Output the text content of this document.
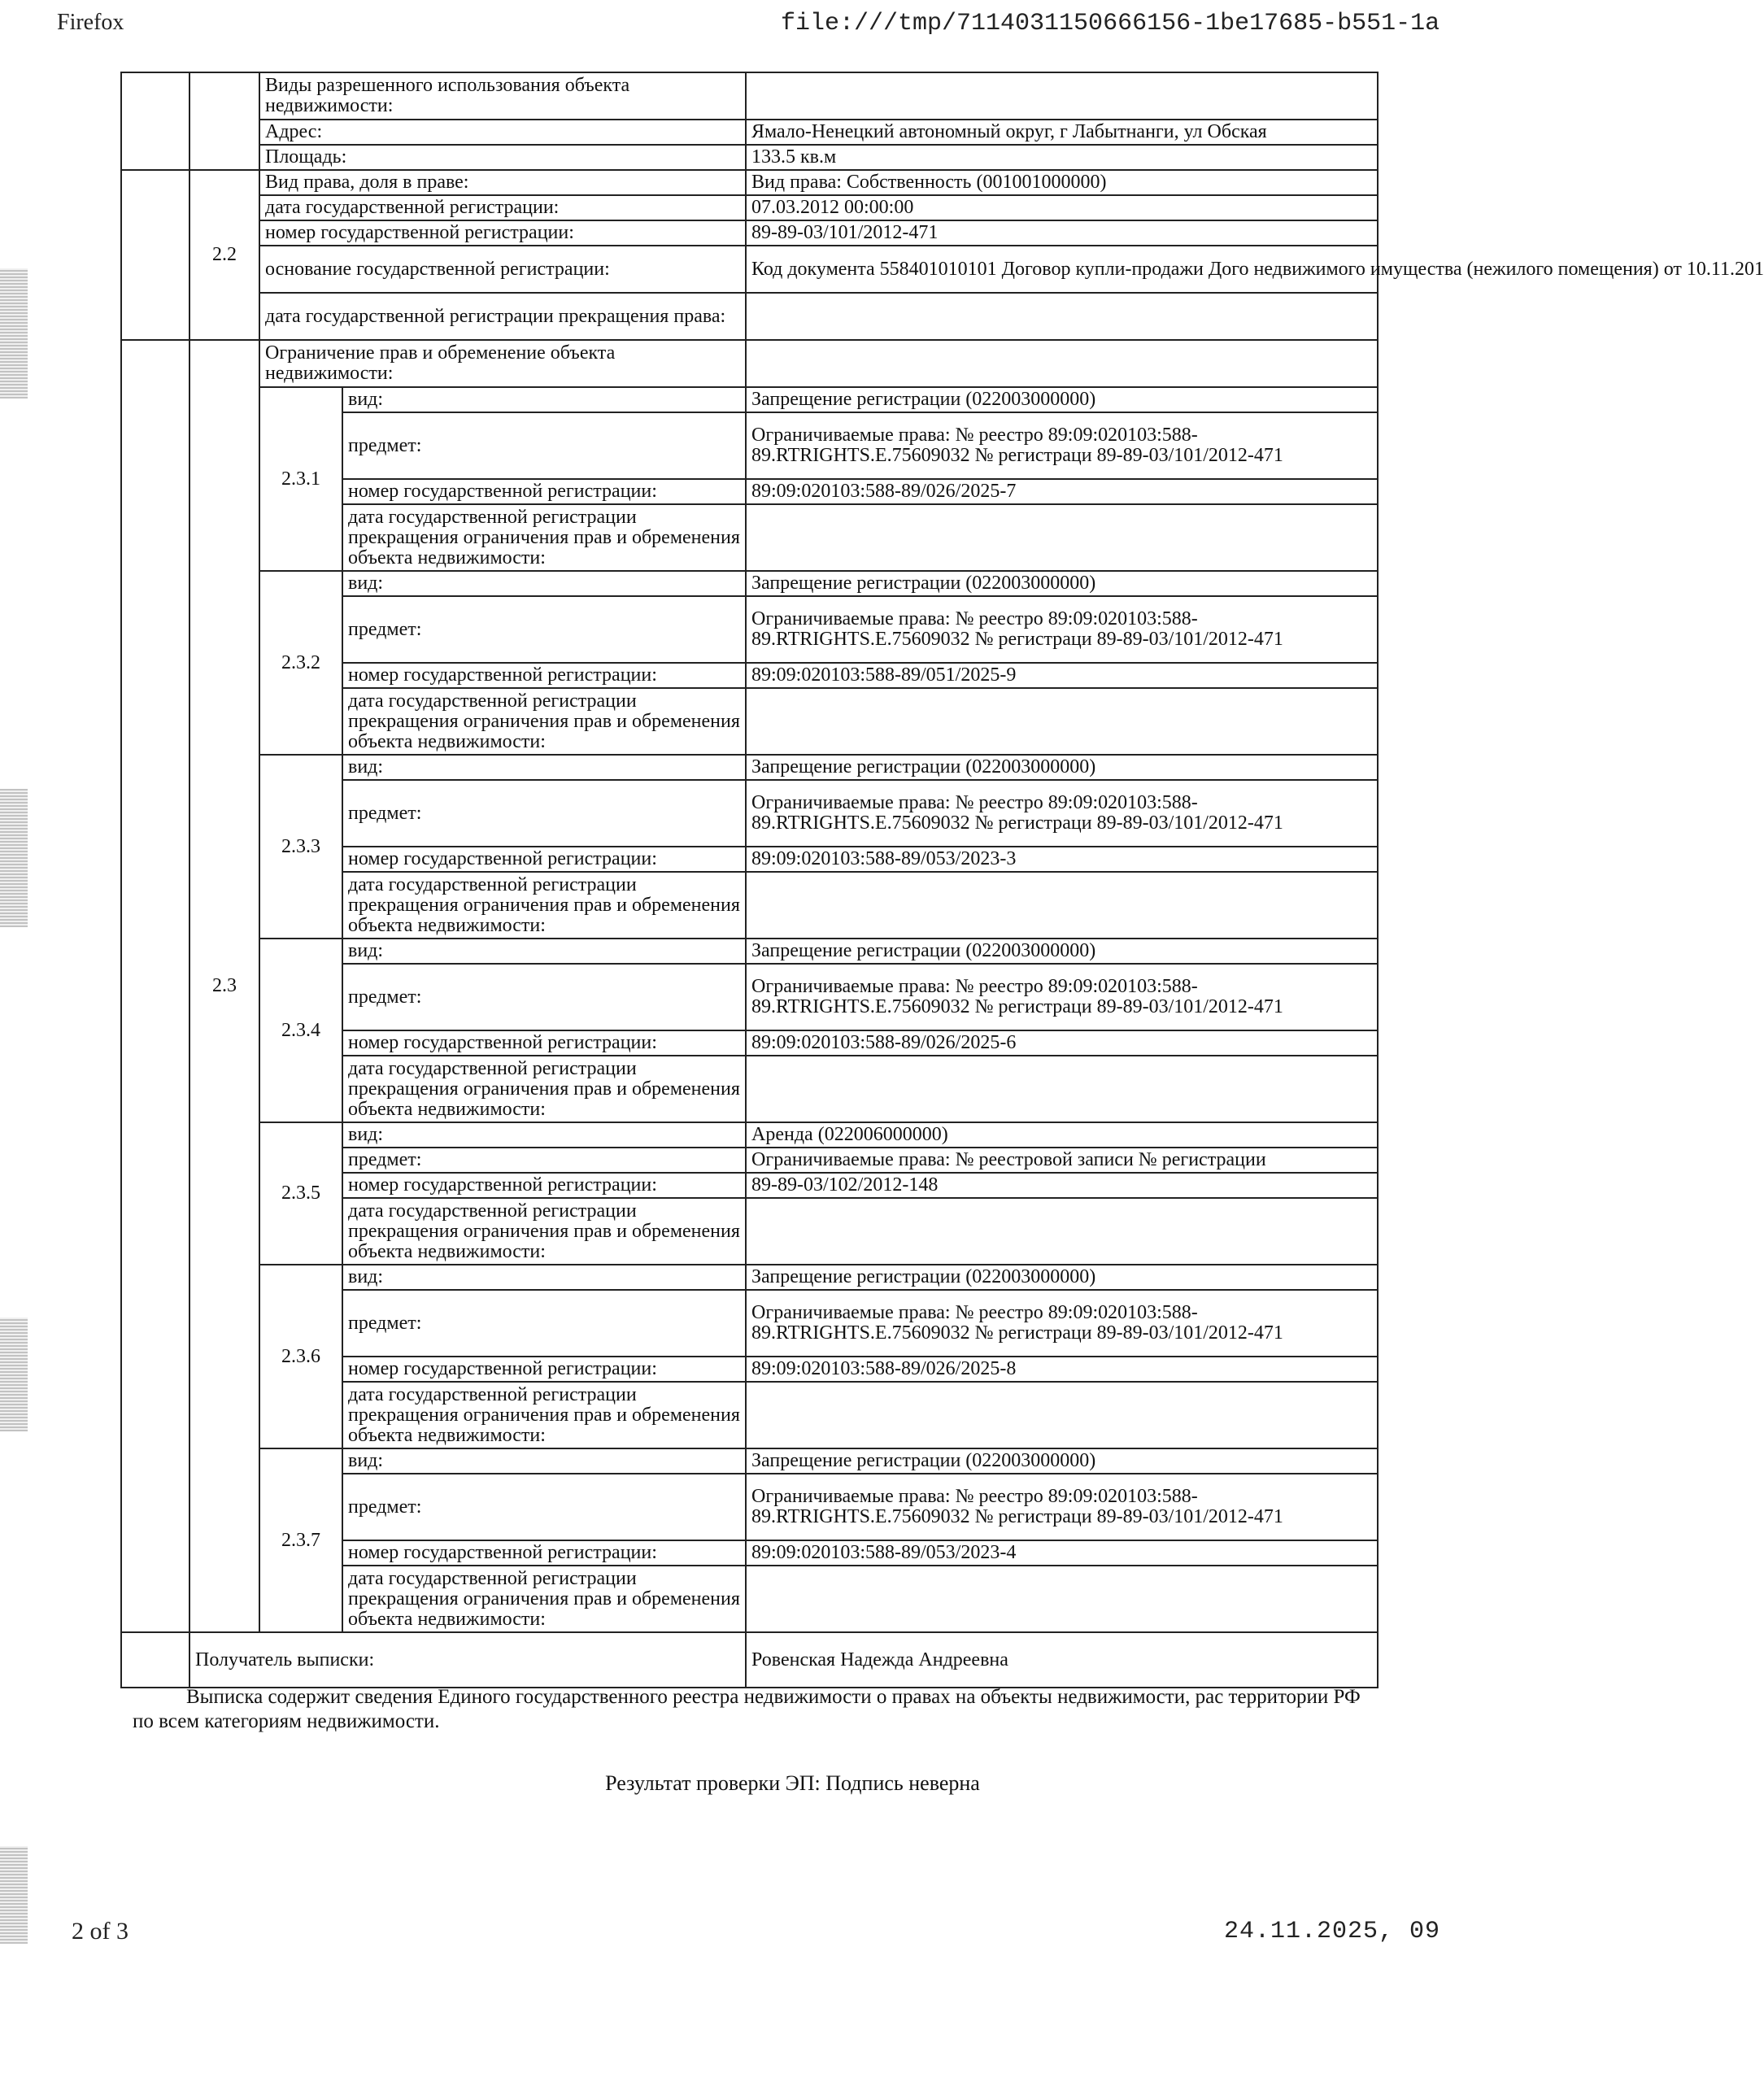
Firefox	file:///tmp/7114031150666156-1be17685-b551-1a
		Виды разрешенного использования объекта недвижимости:		
		Адрес:		Ямало-Ненецкий автономный округ, г Лабытнанги, ул Обская
		Площадь:		133.5 кв.м
	2.2	Вид права, доля в праве:		Вид права: Собственность (001001000000)
		дата государственной регистрации:		07.03.2012 00:00:00
		номер государственной регистрации:		89-89-03/101/2012-471
		основание государственной регистрации:		Код документа 558401010101 Договор купли-продажи Дого недвижимого имущества (нежилого помещения) от 10.11.201
		дата государственной регистрации прекращения права:		
	2.3	Ограничение прав и обременение объекта недвижимости:		
		2.3.1	вид:	Запрещение регистрации (022003000000)
			предмет:	Ограничиваемые права: № реестро 89:09:020103:588-89.RTRIGHTS.E.75609032 № регистраци 89-89-03/101/2012-471
			номер государственной регистрации:	89:09:020103:588-89/026/2025-7
			дата государственной регистрации прекращения ограничения прав и обременения объекта недвижимости:	
		2.3.2	вид:	Запрещение регистрации (022003000000)
			предмет:	Ограничиваемые права: № реестро 89:09:020103:588-89.RTRIGHTS.E.75609032 № регистраци 89-89-03/101/2012-471
			номер государственной регистрации:	89:09:020103:588-89/051/2025-9
			дата государственной регистрации прекращения ограничения прав и обременения объекта недвижимости:	
		2.3.3	вид:	Запрещение регистрации (022003000000)
			предмет:	Ограничиваемые права: № реестро 89:09:020103:588-89.RTRIGHTS.E.75609032 № регистраци 89-89-03/101/2012-471
			номер государственной регистрации:	89:09:020103:588-89/053/2023-3
			дата государственной регистрации прекращения ограничения прав и обременения объекта недвижимости:	
		2.3.4	вид:	Запрещение регистрации (022003000000)
			предмет:	Ограничиваемые права: № реестро 89:09:020103:588-89.RTRIGHTS.E.75609032 № регистраци 89-89-03/101/2012-471
			номер государственной регистрации:	89:09:020103:588-89/026/2025-6
			дата государственной регистрации прекращения ограничения прав и обременения объекта недвижимости:	
		2.3.5	вид:	Аренда (022006000000)
			предмет:	Ограничиваемые права: № реестровой записи № регистрации
			номер государственной регистрации:	89-89-03/102/2012-148
			дата государственной регистрации прекращения ограничения прав и обременения объекта недвижимости:	
		2.3.6	вид:	Запрещение регистрации (022003000000)
			предмет:	Ограничиваемые права: № реестро 89:09:020103:588-89.RTRIGHTS.E.75609032 № регистраци 89-89-03/101/2012-471
			номер государственной регистрации:	89:09:020103:588-89/026/2025-8
			дата государственной регистрации прекращения ограничения прав и обременения объекта недвижимости:	
		2.3.7	вид:	Запрещение регистрации (022003000000)
			предмет:	Ограничиваемые права: № реестро 89:09:020103:588-89.RTRIGHTS.E.75609032 № регистраци 89-89-03/101/2012-471
			номер государственной регистрации:	89:09:020103:588-89/053/2023-4
			дата государственной регистрации прекращения ограничения прав и обременения объекта недвижимости:	
	Получатель выписки:			Ровенская Надежда Андреевна
Выписка содержит сведения Единого государственного реестра недвижимости о правах на объекты недвижимости, рас территории РФ по всем категориям недвижимости.
Результат проверки ЭП: Подпись неверна
2 of 3	24.11.2025, 09
